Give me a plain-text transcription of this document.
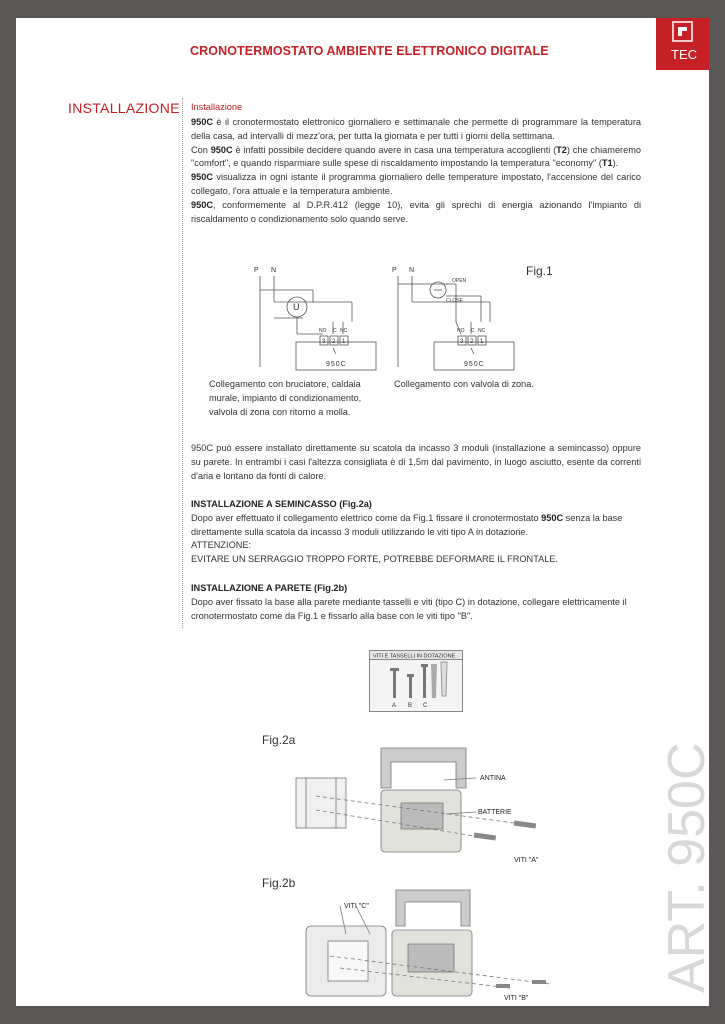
CRONOTERMOSTATO AMBIENTE ELETTRONICO DIGITALE	TEC
INSTALLAZIONE Installazione

950C è il cronotermostato elettronico giornaliero e settimanale che permette di programmare la temperatura della casa, ad intervalli di mezz'ora, per tutta la giornata e per tutti i giorni della settimana.

Con 950C è infatti possibile decidere quando avere in casa una temperatura accoglienti (T2) che chiameremo "comfort", e quando risparmiare sulle spese di riscaldamento impostando la temperatura "economy" (T1).

950C visualizza in ogni istante il programma giornaliero delle temperature impostato, l'accensione del carico collegato, l'ora attuale e la temperatura ambiente.

950C, conformemente al D.P.R.412 (legge 10), evita gli sprechi di energia azionando l'impianto di riscaldamento o condizionamento solo quando serve.

Fig.1
P N
U
NO C NC
3 2 1
950C
P N
OPEN
CLOSE
NO C NC
3 2 1
950C
Collegamento con bruciatore, caldaia murale, impianto di condizionamento, valvola di zona con ritorno a molla.
Collegamento con valvola di zona.
950C può essere installato direttamente su scatola da incasso 3 moduli (installazione a semincasso) oppure su parete. In entrambi i casi l'altezza consigliata è di 1,5m dal pavimento, in luogo asciutto, esente da correnti d'aria e lontano da fonti di calore.
INSTALLAZIONE A SEMINCASSO (Fig.2a)
Dopo aver effettuato il collegamento elettrico come da Fig.1 fissare il cronotermostato 950C senza la base direttamente sulla scatola da incasso 3 moduli utilizzando le viti tipo A in dotazione.
ATTENZIONE:
EVITARE UN SERRAGGIO TROPPO FORTE, POTREBBE DEFORMARE IL FRONTALE.
INSTALLAZIONE A PARETE (Fig.2b)
Dopo aver fissato la base alla parete mediante tasselli e viti (tipo C) in dotazione, collegare elettricamente il cronotermostato come da Fig.1 e fissarlo alla base con le viti tipo "B".
VITI E TASSELLI IN DOTAZIONE
A B C
Fig.2a
ANTINA
BATTERIE
VITI "A"
Fig.2b
VITI "C"
VITI "B"
ART. 950C
